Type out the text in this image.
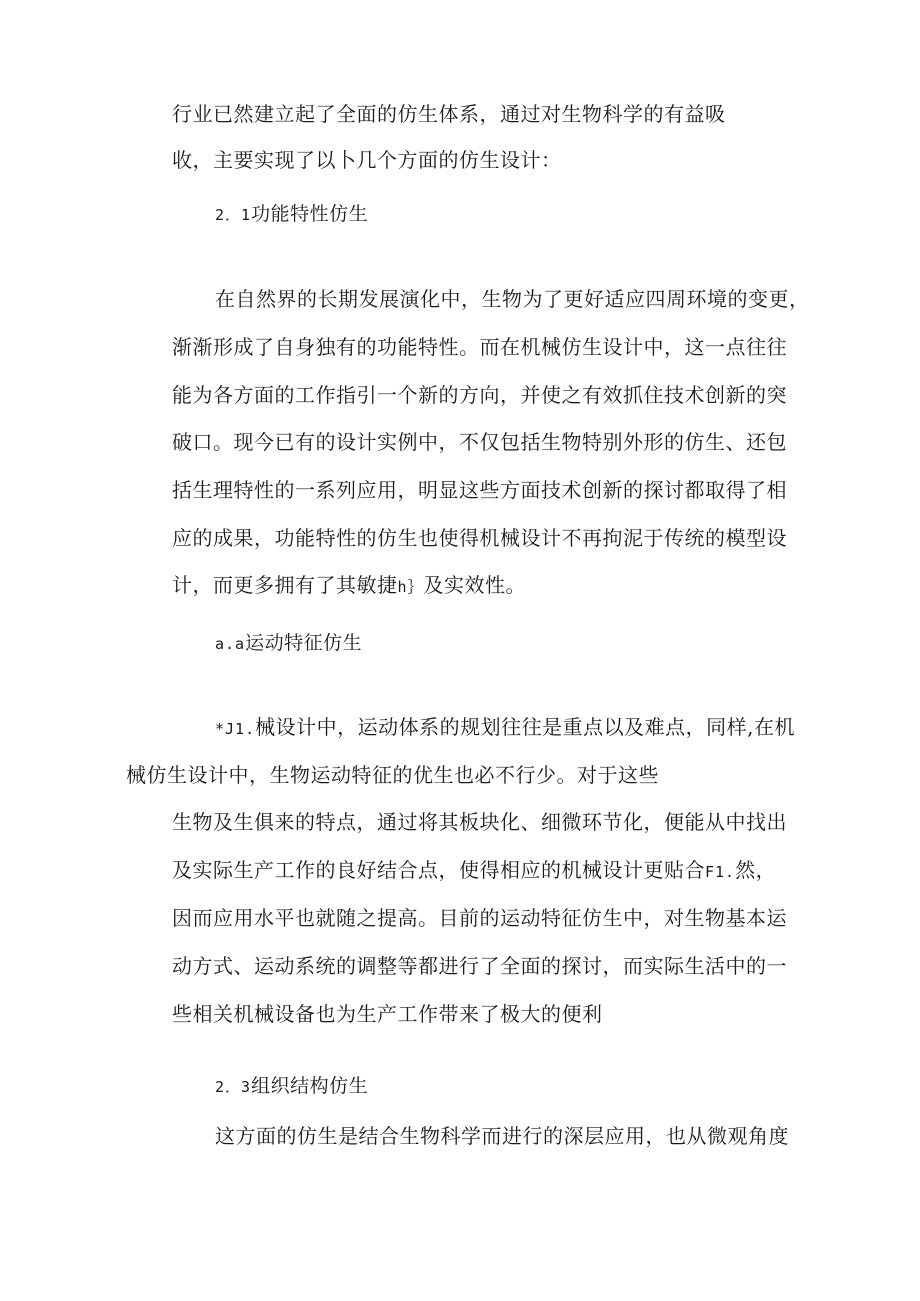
行业已然建立起了全面的仿生体系，通过对生物科学的有益吸
收，主要实现了以卜几个方面的仿生设计：
2．1功能特性仿生
在自然界的长期发展演化中，生物为了更好适应四周环境的变更，
渐渐形成了自身独有的功能特性。而在机械仿生设计中，这一点往往
能为各方面的工作指引一个新的方向，并使之有效抓住技术创新的突
破口。现今已有的设计实例中，不仅包括生物特别外形的仿生、还包
括生理特性的一系列应用，明显这些方面技术创新的探讨都取得了相
应的成果，功能特性的仿生也使得机械设计不再拘泥于传统的模型设
计，而更多拥有了其敏捷h｝及实效性。
a.a运动特征仿生
*J1.械设计中，运动体系的规划往往是重点以及难点，同样,在机
械仿生设计中，生物运动特征的优生也必不行少。对于这些
生物及生俱来的特点，通过将其板块化、细微环节化，便能从中找出
及实际生产工作的良好结合点，使得相应的机械设计更贴合F1.然，
因而应用水平也就随之提高。目前的运动特征仿生中，对生物基本运
动方式、运动系统的调整等都进行了全面的探讨，而实际生活中的一
些相关机械设备也为生产工作带来了极大的便利
2．3组织结构仿生
这方面的仿生是结合生物科学而进行的深层应用，也从微观角度
